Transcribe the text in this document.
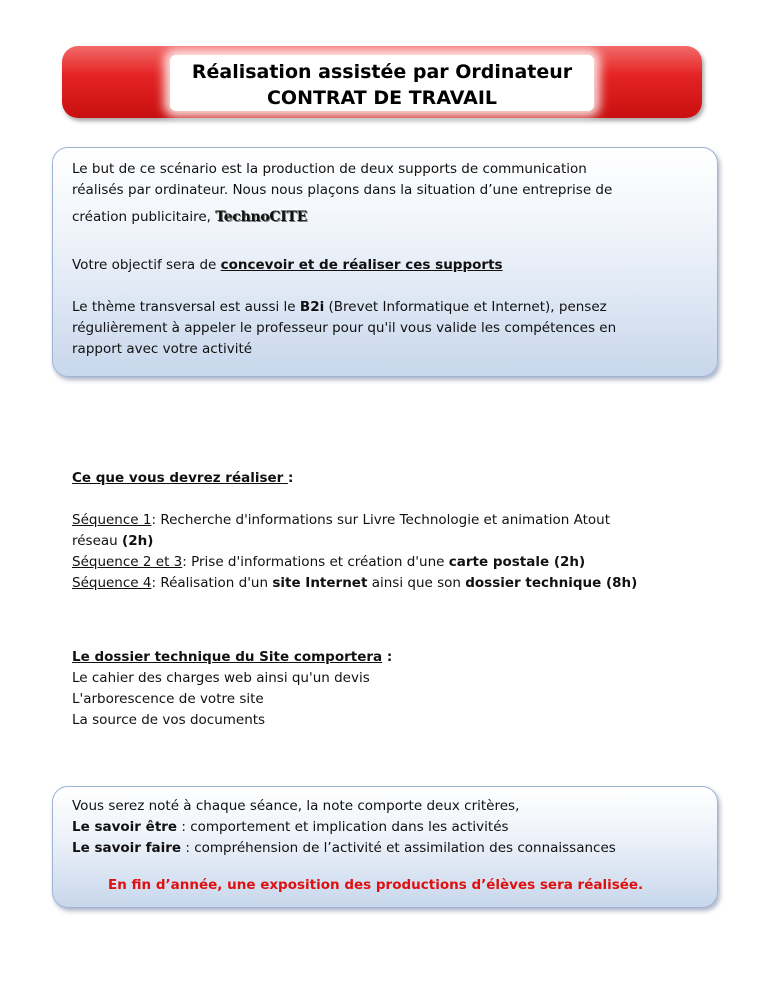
Réalisation assistée par Ordinateur
CONTRAT DE TRAVAIL

Le but de ce scénario est la production de deux supports de communication

réalisés par ordinateur. Nous nous plaçons dans la situation d’une entreprise de

création publicitaire, TechnoCITE

Votre objectif sera de concevoir et de réaliser ces supports

Le thème transversal est aussi le B2i (Brevet Informatique et Internet), pensez

régulièrement à appeler le professeur pour qu'il vous valide les compétences en

rapport avec votre activité

Ce que vous devrez réaliser :

Séquence 1: Recherche d'informations sur Livre Technologie et animation Atout

réseau (2h)

Séquence 2 et 3: Prise d'informations et création d'une carte postale (2h)

Séquence 4: Réalisation d'un site Internet ainsi que son dossier technique (8h)

Le dossier technique du Site comportera :

Le cahier des charges web ainsi qu'un devis

L'arborescence de votre site

La source de vos documents

Vous serez noté à chaque séance, la note comporte deux critères,

Le savoir être : comportement et implication dans les activités

Le savoir faire : compréhension de l’activité et assimilation des connaissances

En fin d’année, une exposition des productions d’élèves sera réalisée.
